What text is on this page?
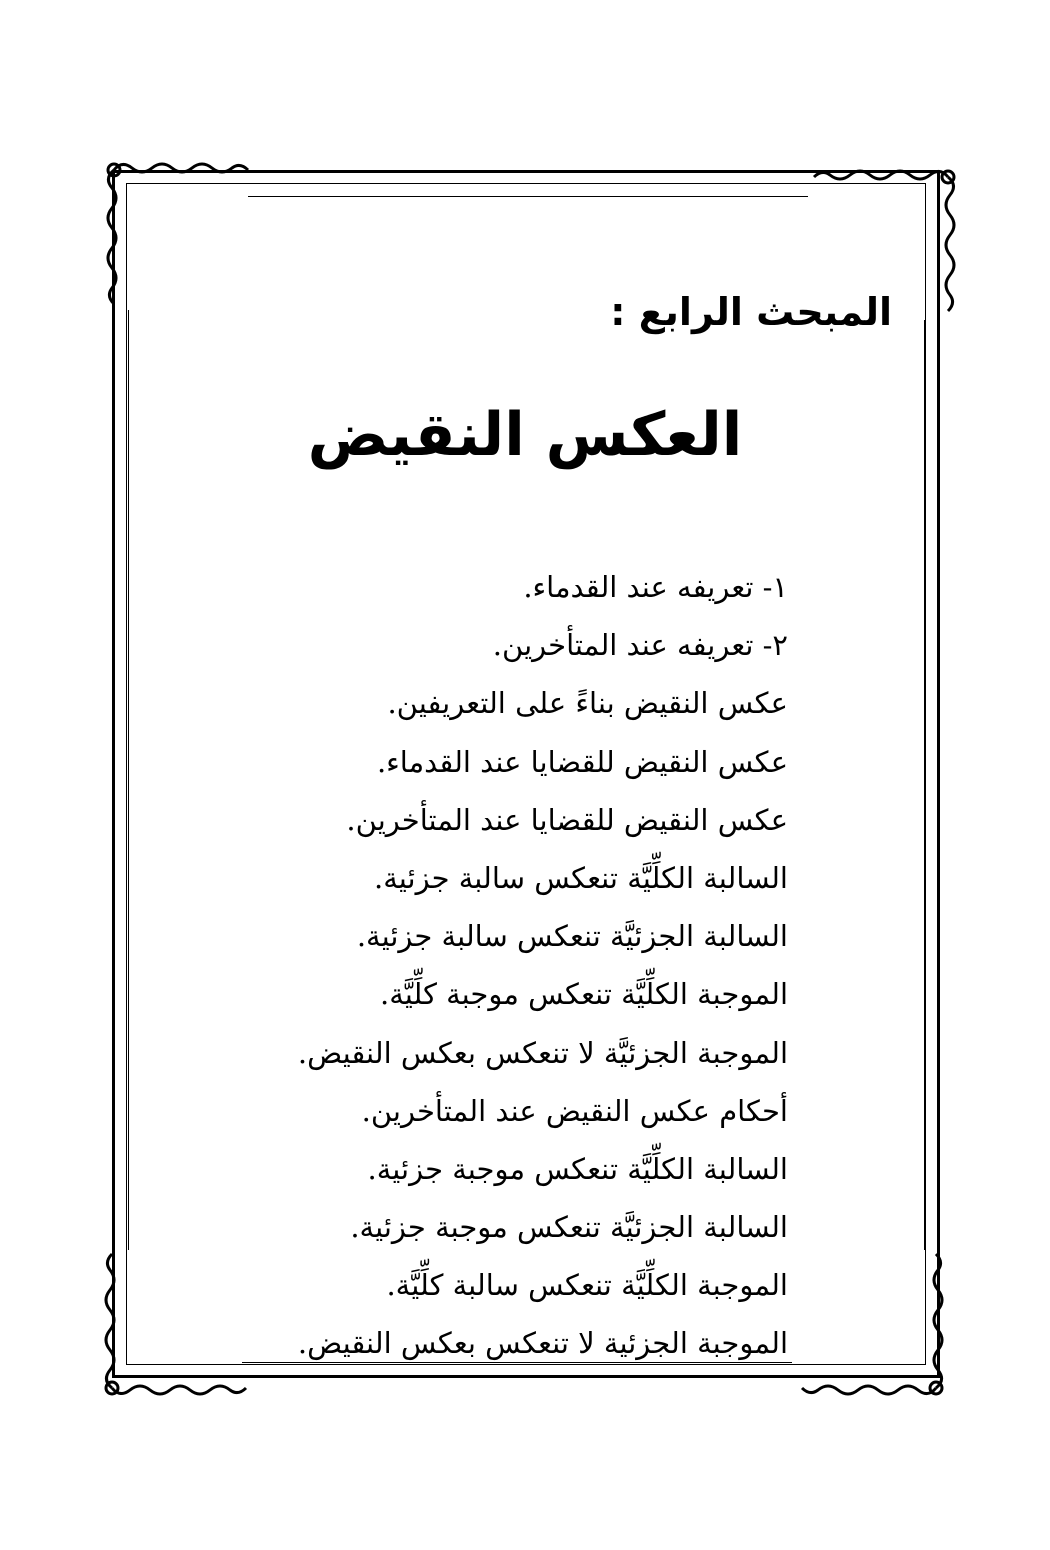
المبحث الرابع :
العكس النقيض
١- تعريفه عند القدماء.
٢- تعريفه عند المتأخرين.
عكس النقيض بناءً على التعريفين.
عكس النقيض للقضايا عند القدماء.
عكس النقيض للقضايا عند المتأخرين.
السالبة الكلِّيَّة تنعكس سالبة جزئية.
السالبة الجزئيَّة تنعكس سالبة جزئية.
الموجبة الكلِّيَّة تنعكس موجبة كلِّيَّة.
الموجبة الجزئيَّة لا تنعكس بعكس النقيض.
أحكام عكس النقيض عند المتأخرين.
السالبة الكلِّيَّة تنعكس موجبة جزئية.
السالبة الجزئيَّة تنعكس موجبة جزئية.
الموجبة الكلِّيَّة تنعكس سالبة كلِّيَّة.
الموجبة الجزئية لا تنعكس بعكس النقيض.
